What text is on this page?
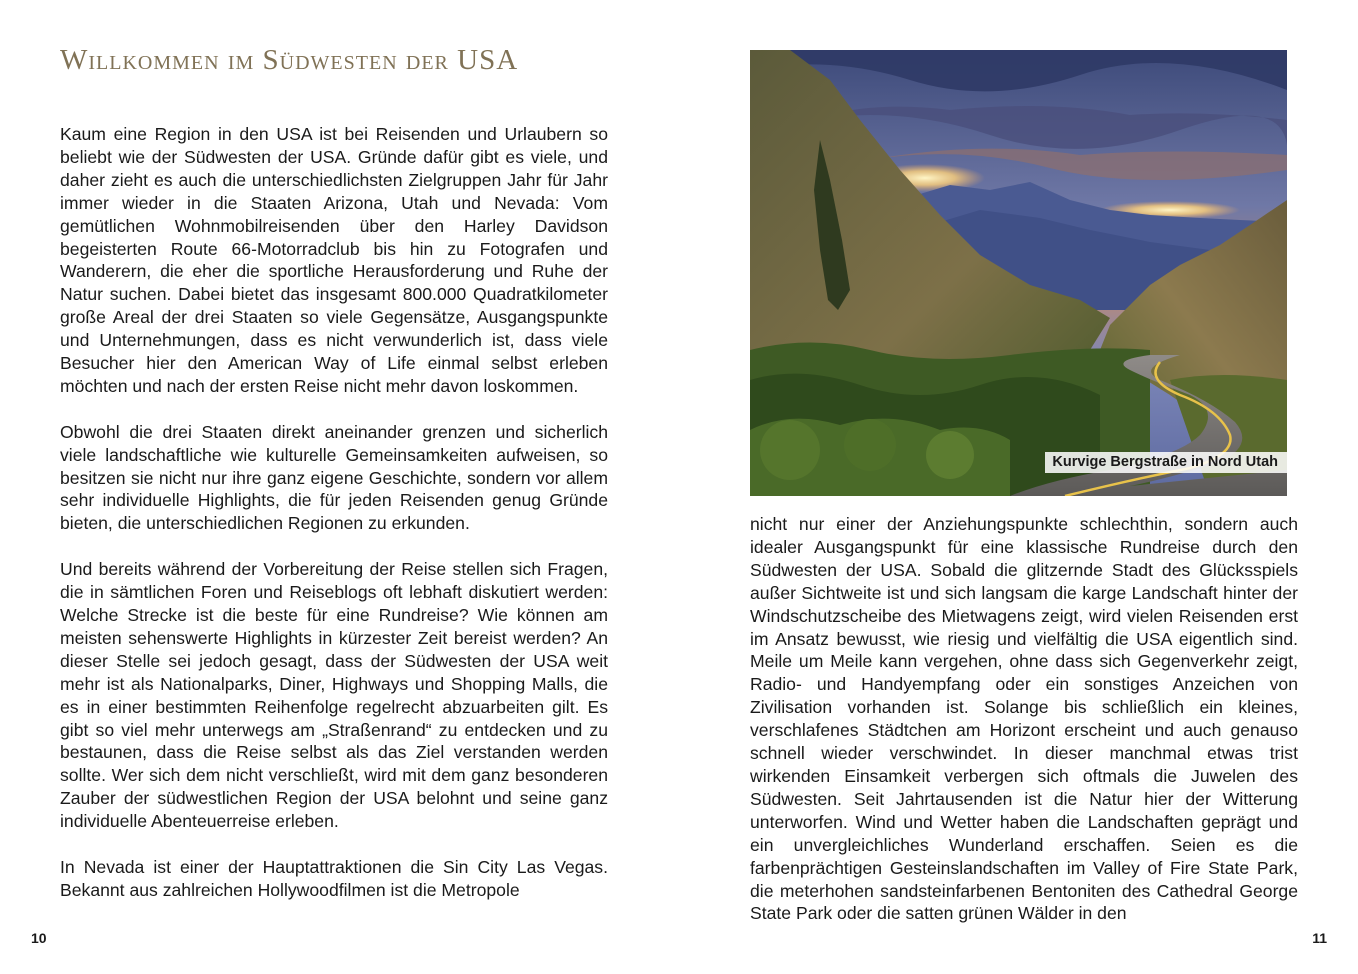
Willkommen im Südwesten der USA

Kaum eine Region in den USA ist bei Reisenden und Urlaubern so beliebt wie der Südwesten der USA. Gründe dafür gibt es viele, und daher zieht es auch die unterschiedlichsten Zielgruppen Jahr für Jahr immer wieder in die Staaten Arizona, Utah und Nevada: Vom gemütlichen Wohnmobilreisenden über den Harley Davidson begeisterten Route 66-Motorradclub bis hin zu Fotografen und Wanderern, die eher die sportliche Herausforderung und Ruhe der Natur suchen. Dabei bietet das insgesamt 800.000 Quadratkilometer große Areal der drei Staaten so viele Gegensätze, Ausgangspunkte und Unternehmungen, dass es nicht verwunderlich ist, dass viele Besucher hier den American Way of Life einmal selbst erleben möchten und nach der ersten Reise nicht mehr davon loskommen.

Obwohl die drei Staaten direkt aneinander grenzen und sicherlich viele landschaftliche wie kulturelle Gemeinsamkeiten aufweisen, so besitzen sie nicht nur ihre ganz eigene Geschichte, sondern vor allem sehr individuelle Highlights, die für jeden Reisenden genug Gründe bieten, die unterschiedlichen Regionen zu erkunden.

Und bereits während der Vorbereitung der Reise stellen sich Fragen, die in sämtlichen Foren und Reiseblogs oft lebhaft diskutiert werden: Welche Strecke ist die beste für eine Rundreise? Wie können am meisten sehenswerte Highlights in kürzester Zeit bereist werden? An dieser Stelle sei jedoch gesagt, dass der Südwesten der USA weit mehr ist als Nationalparks, Diner, Highways und Shopping Malls, die es in einer bestimmten Reihenfolge regelrecht abzuarbeiten gilt. Es gibt so viel mehr unterwegs am „Straßenrand“ zu entdecken und zu bestaunen, dass die Reise selbst als das Ziel verstanden werden sollte. Wer sich dem nicht verschließt, wird mit dem ganz besonderen Zauber der südwestlichen Region der USA belohnt und seine ganz individuelle Abenteuerreise erleben.

In Nevada ist einer der Hauptattraktionen die Sin City Las Vegas. Bekannt aus zahlreichen Hollywoodfilmen ist die Metropole

10
Kurvige Bergstraße in Nord Utah

nicht nur einer der Anziehungspunkte schlechthin, sondern auch idealer Ausgangspunkt für eine klassische Rundreise durch den Südwesten der USA. Sobald die glitzernde Stadt des Glücksspiels außer Sichtweite ist und sich langsam die karge Landschaft hinter der Windschutzscheibe des Mietwagens zeigt, wird vielen Reisenden erst im Ansatz bewusst, wie riesig und vielfältig die USA eigentlich sind. Meile um Meile kann vergehen, ohne dass sich Gegenverkehr zeigt, Radio- und Handyempfang oder ein sonstiges Anzeichen von Zivilisation vorhanden ist. Solange bis schließlich ein kleines, verschlafenes Städtchen am Horizont erscheint und auch genauso schnell wieder verschwindet. In dieser manchmal etwas trist wirkenden Einsamkeit verbergen sich oftmals die Juwelen des Südwesten. Seit Jahrtausenden ist die Natur hier der Witterung unterworfen. Wind und Wetter haben die Landschaften geprägt und ein unvergleichliches Wunderland erschaffen. Seien es die farbenprächtigen Gesteinslandschaften im Valley of Fire State Park, die meterhohen sandsteinfarbenen Bentoniten des Cathedral George State Park oder die satten grünen Wälder in den

11
